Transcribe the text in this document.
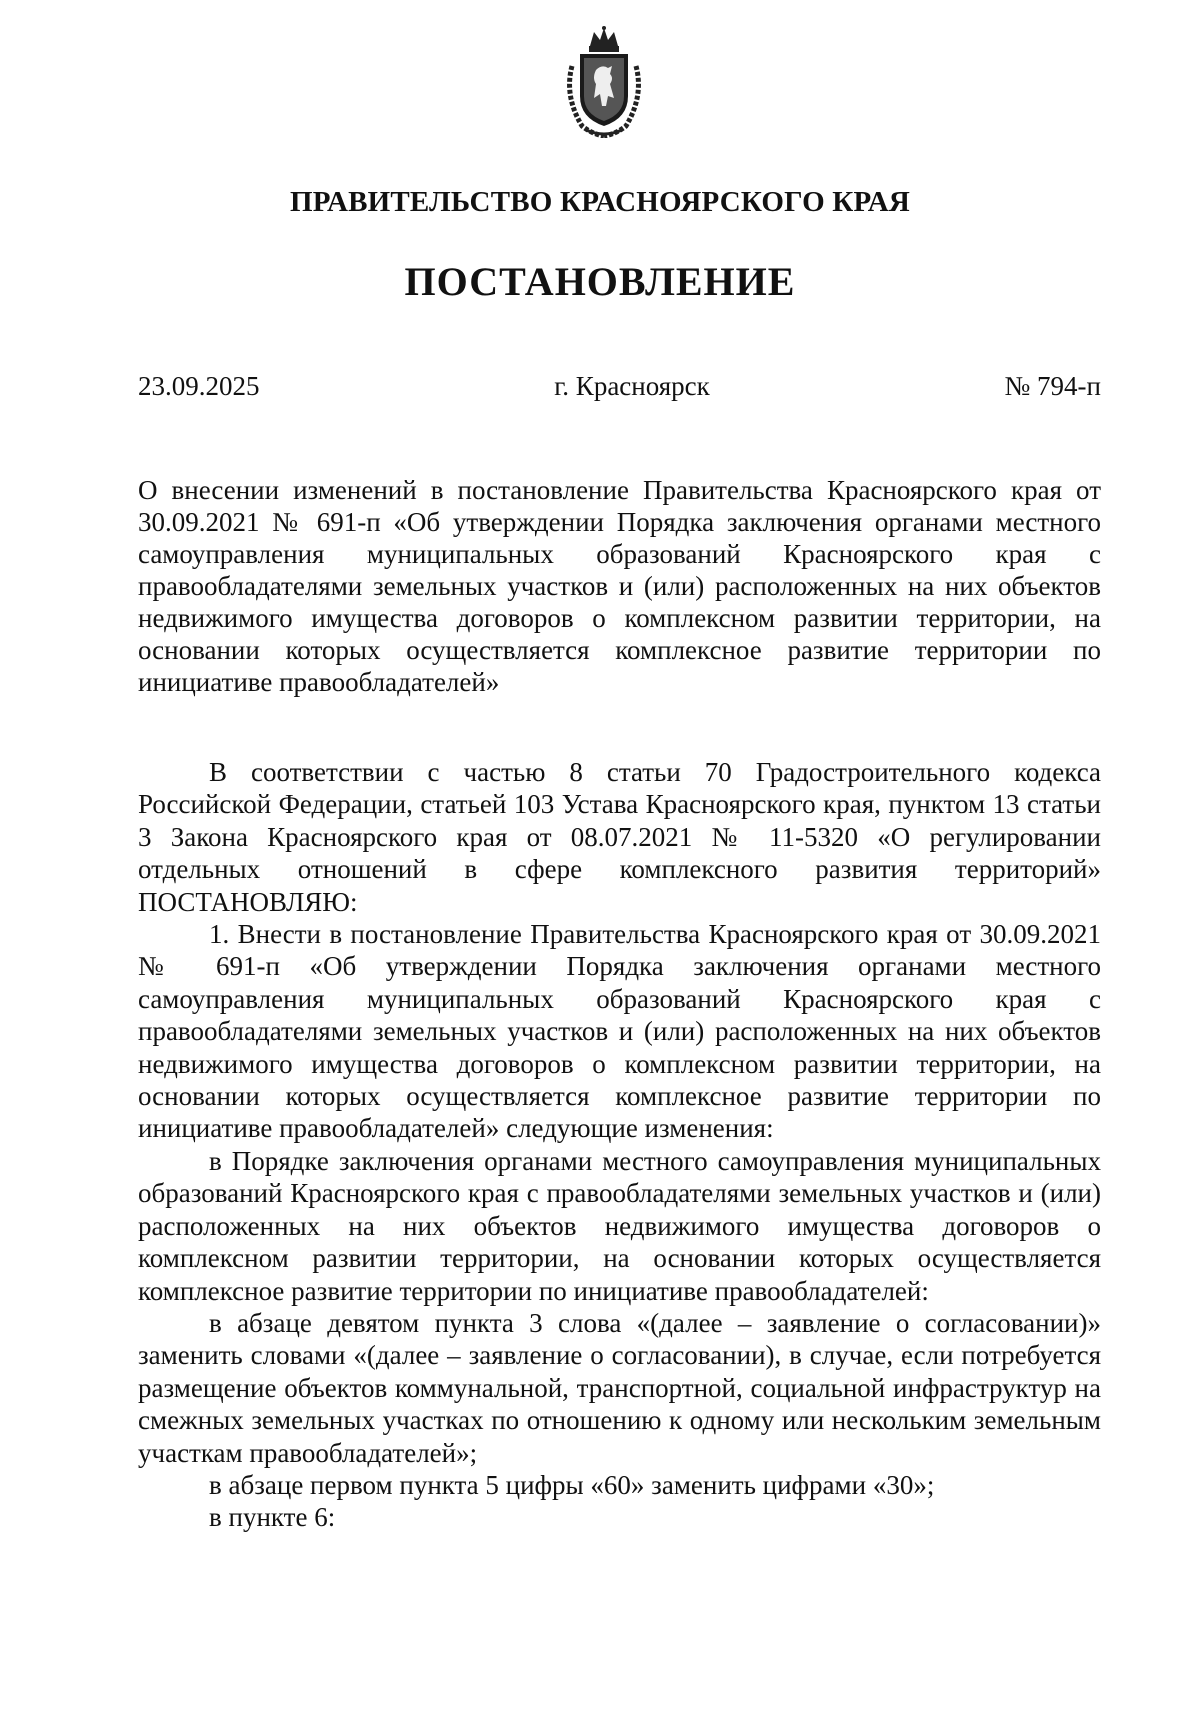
ПРАВИТЕЛЬСТВО КРАСНОЯРСКОГО КРАЯ
ПОСТАНОВЛЕНИЕ
23.09.2025	г. Красноярск	№ 794-п
О внесении изменений в постановление Правительства Красноярского края от 30.09.2021 № 691-п «Об утверждении Порядка заключения органами местного самоуправления муниципальных образований Красноярского края с правообладателями земельных участков и (или) расположенных на них объектов недвижимого имущества договоров о комплексном развитии территории, на основании которых осуществляется комплексное развитие территории по инициативе правообладателей»

В соответствии с частью 8 статьи 70 Градостроительного кодекса Российской Федерации, статьей 103 Устава Красноярского края, пунктом 13 статьи 3 Закона Красноярского края от 08.07.2021 № 11-5320 «О регулировании отдельных отношений в сфере комплексного развития территорий» ПОСТАНОВЛЯЮ:

1. Внести в постановление Правительства Красноярского края от 30.09.2021 № 691-п «Об утверждении Порядка заключения органами местного самоуправления муниципальных образований Красноярского края с правообладателями земельных участков и (или) расположенных на них объектов недвижимого имущества договоров о комплексном развитии территории, на основании которых осуществляется комплексное развитие территории по инициативе правообладателей» следующие изменения:

в Порядке заключения органами местного самоуправления муниципальных образований Красноярского края с правообладателями земельных участков и (или) расположенных на них объектов недвижимого имущества договоров о комплексном развитии территории, на основании которых осуществляется комплексное развитие территории по инициативе правообладателей:

в абзаце девятом пункта 3 слова «(далее – заявление о согласовании)» заменить словами «(далее – заявление о согласовании), в случае, если потребуется размещение объектов коммунальной, транспортной, социальной инфраструктур на смежных земельных участках по отношению к одному или нескольким земельным участкам правообладателей»;

в абзаце первом пункта 5 цифры «60» заменить цифрами «30»;

в пункте 6:
